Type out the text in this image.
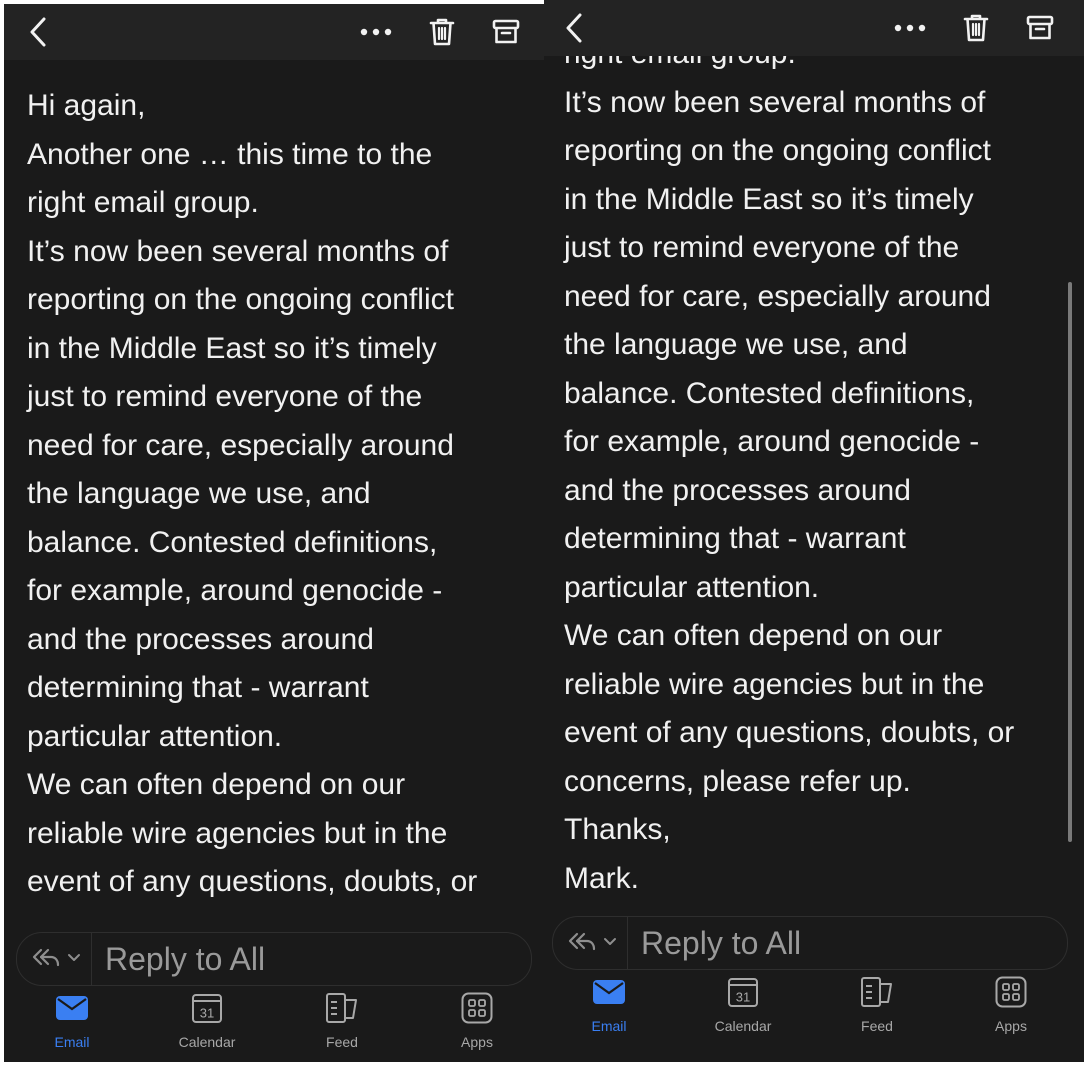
Hi again,
Another one … this time to the
right email group.
It’s now been several months of
reporting on the ongoing conflict
in the Middle East so it’s timely
just to remind everyone of the
need for care, especially around
the language we use, and
balance. Contested definitions,
for example, around genocide -
and the processes around
determining that - warrant
particular attention.
We can often depend on our
reliable wire agencies but in the
event of any questions, doubts, or
Reply to All
Email
31
Calendar	Feed	Apps
It’s now been several months of
reporting on the ongoing conflict
in the Middle East so it’s timely
just to remind everyone of the
need for care, especially around
the language we use, and
balance. Contested definitions,
for example, around genocide -
and the processes around
determining that - warrant
particular attention.
We can often depend on our
reliable wire agencies but in the
event of any questions, doubts, or
concerns, please refer up.
Thanks,
Mark.
Reply to All
Email
31
Calendar	Feed	Apps
